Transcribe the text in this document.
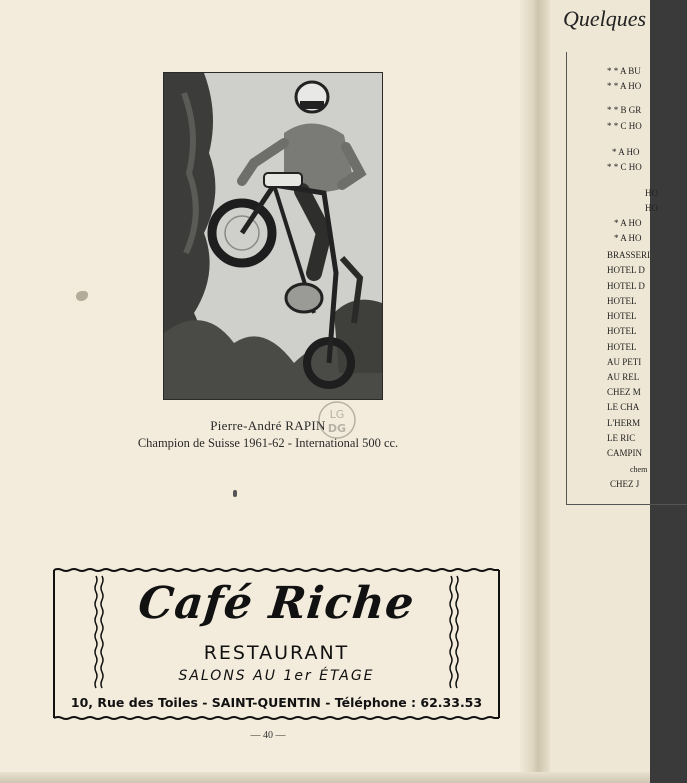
Pierre-André RAPIN
Champion de Suisse 1961-62 - International 500 cc.
LG
DG
Café Riche
RESTAURANT
SALONS AU 1er ÉTAGE
10, Rue des Toiles - SAINT-QUENTIN - Téléphone : 62.33.53
— 40 —
Quelques
* * A BU
* * A HO
* * B GR
* * C HO
* A HO
* * C HO
HO
HO
* A HO
* A HO
BRASSERI
HOTEL D
HOTEL D
HOTEL
HOTEL
HOTEL
HOTEL
AU PETI
AU REL
CHEZ M
LE CHA
L'HERM
LE RIC
CAMPIN
chem
CHEZ J
